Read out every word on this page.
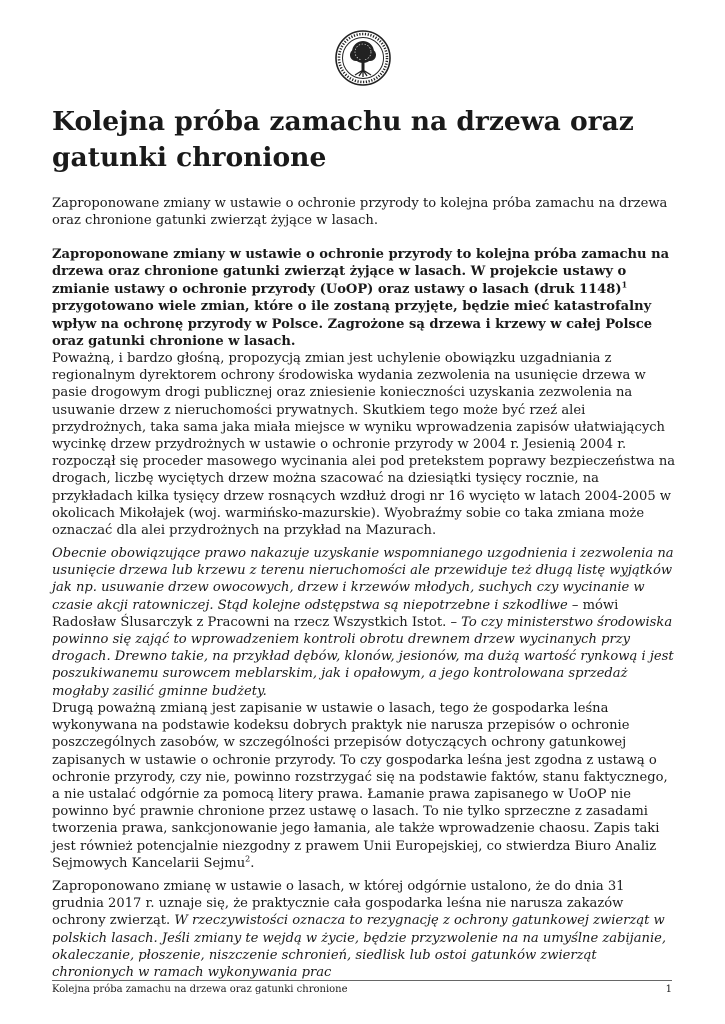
Kolejna próba zamachu na drzewa oraz gatunki chronione

Zaproponowane zmiany w ustawie o ochronie przyrody to kolejna próba zamachu na drzewa oraz chronione gatunki zwierząt żyjące w lasach.

Zaproponowane zmiany w ustawie o ochronie przyrody to kolejna próba zamachu na drzewa oraz chronione gatunki zwierząt żyjące w lasach. W projekcie ustawy o zmianie ustawy o ochronie przyrody (UoOP) oraz ustawy o lasach (druk 1148)$^1$ przygotowano wiele zmian, które o ile zostaną przyjęte, będzie mieć katastrofalny wpływ na ochronę przyrody w Polsce. Zagrożone są drzewa i krzewy w całej Polsce oraz gatunki chronione w lasach.

Poważną, i bardzo głośną, propozycją zmian jest uchylenie obowiązku uzgadniania z regionalnym dyrektorem ochrony środowiska wydania zezwolenia na usunięcie drzewa w pasie drogowym drogi publicznej oraz zniesienie konieczności uzyskania zezwolenia na usuwanie drzew z nieruchomości prywatnych. Skutkiem tego może być rzeź alei przydrożnych, taka sama jaka miała miejsce w wyniku wprowadzenia zapisów ułatwiających wycinkę drzew przydrożnych w ustawie o ochronie przyrody w 2004 r. Jesienią 2004 r. rozpoczął się proceder masowego wycinania alei pod pretekstem poprawy bezpieczeństwa na drogach, liczbę wyciętych drzew można szacować na dziesiątki tysięcy rocznie, na przykładach kilka tysięcy drzew rosnących wzdłuż drogi nr 16 wycięto w latach 2004-2005 w okolicach Mikołajek (woj. warmińsko-mazurskie). Wyobraźmy sobie co taka zmiana może oznaczać dla alei przydrożnych na przykład na Mazurach.

Obecnie obowiązujące prawo nakazuje uzyskanie wspomnianego uzgodnienia i zezwolenia na usunięcie drzewa lub krzewu z terenu nieruchomości ale przewiduje też długą listę wyjątków jak np. usuwanie drzew owocowych, drzew i krzewów młodych, suchych czy wycinanie w czasie akcji ratowniczej. Stąd kolejne odstępstwa są niepotrzebne i szkodliwe – mówi Radosław Ślusarczyk z Pracowni na rzecz Wszystkich Istot. – To czy ministerstwo środowiska powinno się zająć to wprowadzeniem kontroli obrotu drewnem drzew wycinanych przy drogach. Drewno takie, na przykład dębów, klonów, jesionów, ma dużą wartość rynkową i jest poszukiwanemu surowcem meblarskim, jak i opałowym, a jego kontrolowana sprzedaż mogłaby zasilić gminne budżety.

Drugą poważną zmianą jest zapisanie w ustawie o lasach, tego że gospodarka leśna wykonywana na podstawie kodeksu dobrych praktyk nie narusza przepisów o ochronie poszczególnych zasobów, w szczególności przepisów dotyczących ochrony gatunkowej zapisanych w ustawie o ochronie przyrody. To czy gospodarka leśna jest zgodna z ustawą o ochronie przyrody, czy nie, powinno rozstrzygać się na podstawie faktów, stanu faktycznego, a nie ustalać odgórnie za pomocą litery prawa. Łamanie prawa zapisanego w UoOP nie powinno być prawnie chronione przez ustawę o lasach. To nie tylko sprzeczne z zasadami tworzenia prawa, sankcjonowanie jego łamania, ale także wprowadzenie chaosu. Zapis taki jest również potencjalnie niezgodny z prawem Unii Europejskiej, co stwierdza Biuro Analiz Sejmowych Kancelarii Sejmu$^2$.

Zaproponowano zmianę w ustawie o lasach, w której odgórnie ustalono, że do dnia 31 grudnia 2017 r. uznaje się, że praktycznie cała gospodarka leśna nie narusza zakazów ochrony zwierząt. W rzeczywistości oznacza to rezygnację z ochrony gatunkowej zwierząt w polskich lasach. Jeśli zmiany te wejdą w życie, będzie przyzwolenie na na umyślne zabijanie, okaleczanie, płoszenie, niszczenie schronień, siedlisk lub ostoi gatunków zwierząt chronionych w ramach wykonywania prac

Kolejna próba zamachu na drzewa oraz gatunki chronione	1
